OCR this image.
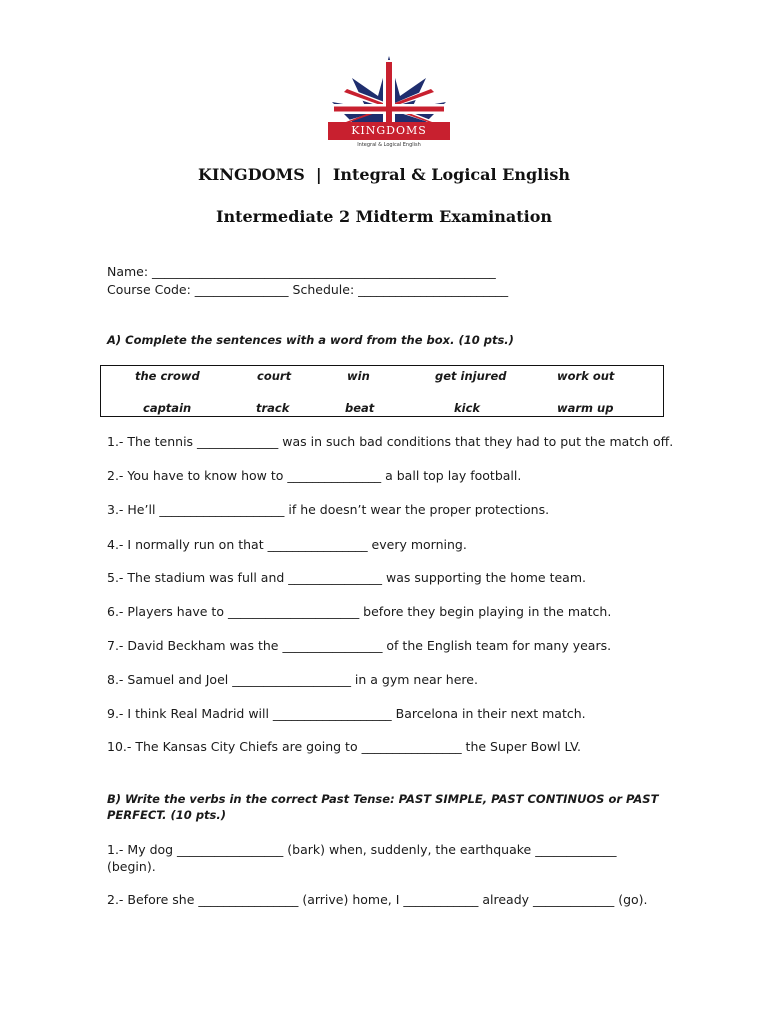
KINGDOMS
Integral & Logical English
KINGDOMS  |  Integral & Logical English
Intermediate 2 Midterm Examination
Name: _______________________________________________________
Course Code: _______________ Schedule: ________________________
A) Complete the sentences with a word from the box. (10 pts.)
the crowd	court	win	get injured	work out
captain	track	beat	kick	warm up
1.- The tennis _____________ was in such bad conditions that they had to put the match off.
2.- You have to know how to _______________ a ball top lay football.
3.- He’ll ____________________ if he doesn’t wear the proper protections.
4.- I normally run on that ________________ every morning.
5.- The stadium was full and _______________ was supporting the home team.
6.- Players have to _____________________ before they begin playing in the match.
7.- David Beckham was the ________________ of the English team for many years.
8.- Samuel and Joel ___________________ in a gym near here.
9.- I think Real Madrid will ___________________ Barcelona in their next match.
10.- The Kansas City Chiefs are going to ________________ the Super Bowl LV.
B) Write the verbs in the correct Past Tense: PAST SIMPLE, PAST CONTINUOS or PAST PERFECT. (10 pts.)
1.- My dog _________________ (bark) when, suddenly, the earthquake _____________ (begin).
2.- Before she ________________ (arrive) home, I ____________ already _____________ (go).
